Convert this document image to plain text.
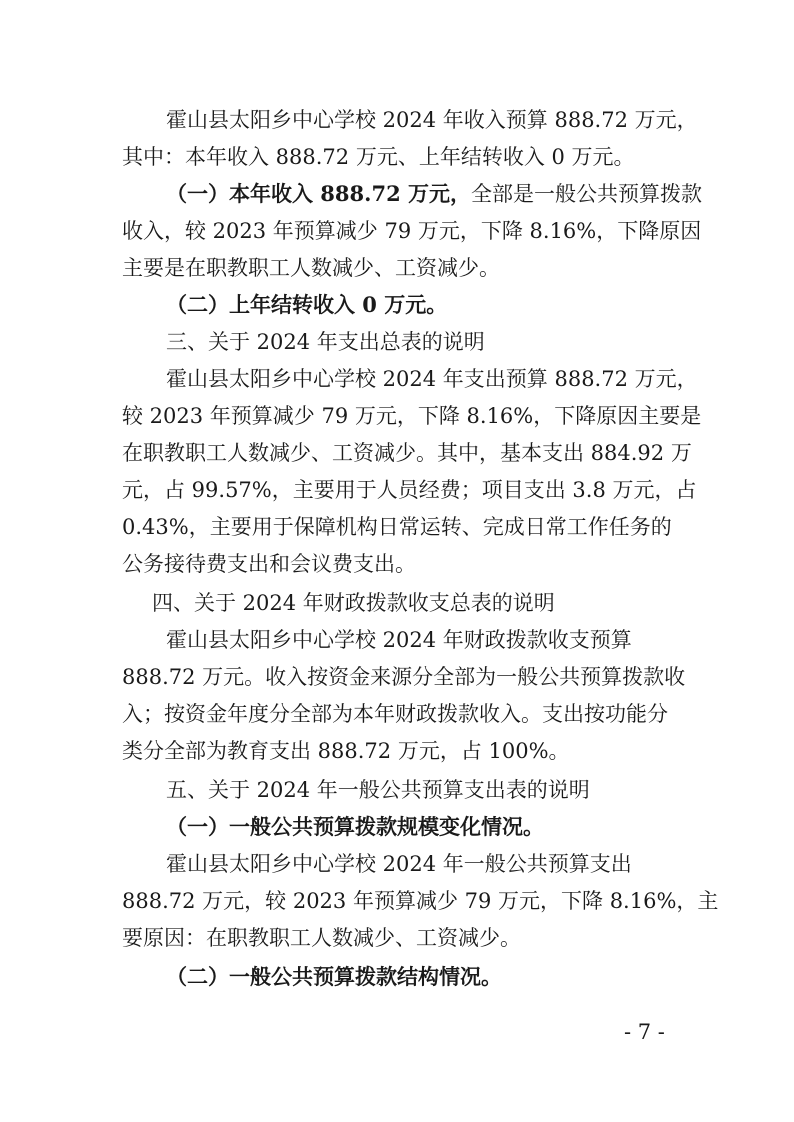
霍山县太阳乡中心学校 2024 年收入预算 888.72 万元，
其中：本年收入 888.72 万元、上年结转收入 0 万元。
（一）本年收入 888.72 万元，全部是一般公共预算拨款
收入，较 2023 年预算减少 79 万元，下降 8.16%，下降原因
主要是在职教职工人数减少、工资减少。
（二）上年结转收入 0 万元。
三、关于 2024 年支出总表的说明
霍山县太阳乡中心学校 2024 年支出预算 888.72 万元，
较 2023 年预算减少 79 万元，下降 8.16%，下降原因主要是
在职教职工人数减少、工资减少。其中，基本支出 884.92 万
元，占 99.57%，主要用于人员经费；项目支出 3.8 万元，占
0.43%，主要用于保障机构日常运转、完成日常工作任务的
公务接待费支出和会议费支出。
四、关于 2024 年财政拨款收支总表的说明
霍山县太阳乡中心学校 2024 年财政拨款收支预算
888.72 万元。收入按资金来源分全部为一般公共预算拨款收
入；按资金年度分全部为本年财政拨款收入。支出按功能分
类分全部为教育支出 888.72 万元，占 100%。
五、关于 2024 年一般公共预算支出表的说明
（一）一般公共预算拨款规模变化情况。
霍山县太阳乡中心学校 2024 年一般公共预算支出
888.72 万元，较 2023 年预算减少 79 万元，下降 8.16%，主
要原因：在职教职工人数减少、工资减少。
（二）一般公共预算拨款结构情况。
- 7 -
